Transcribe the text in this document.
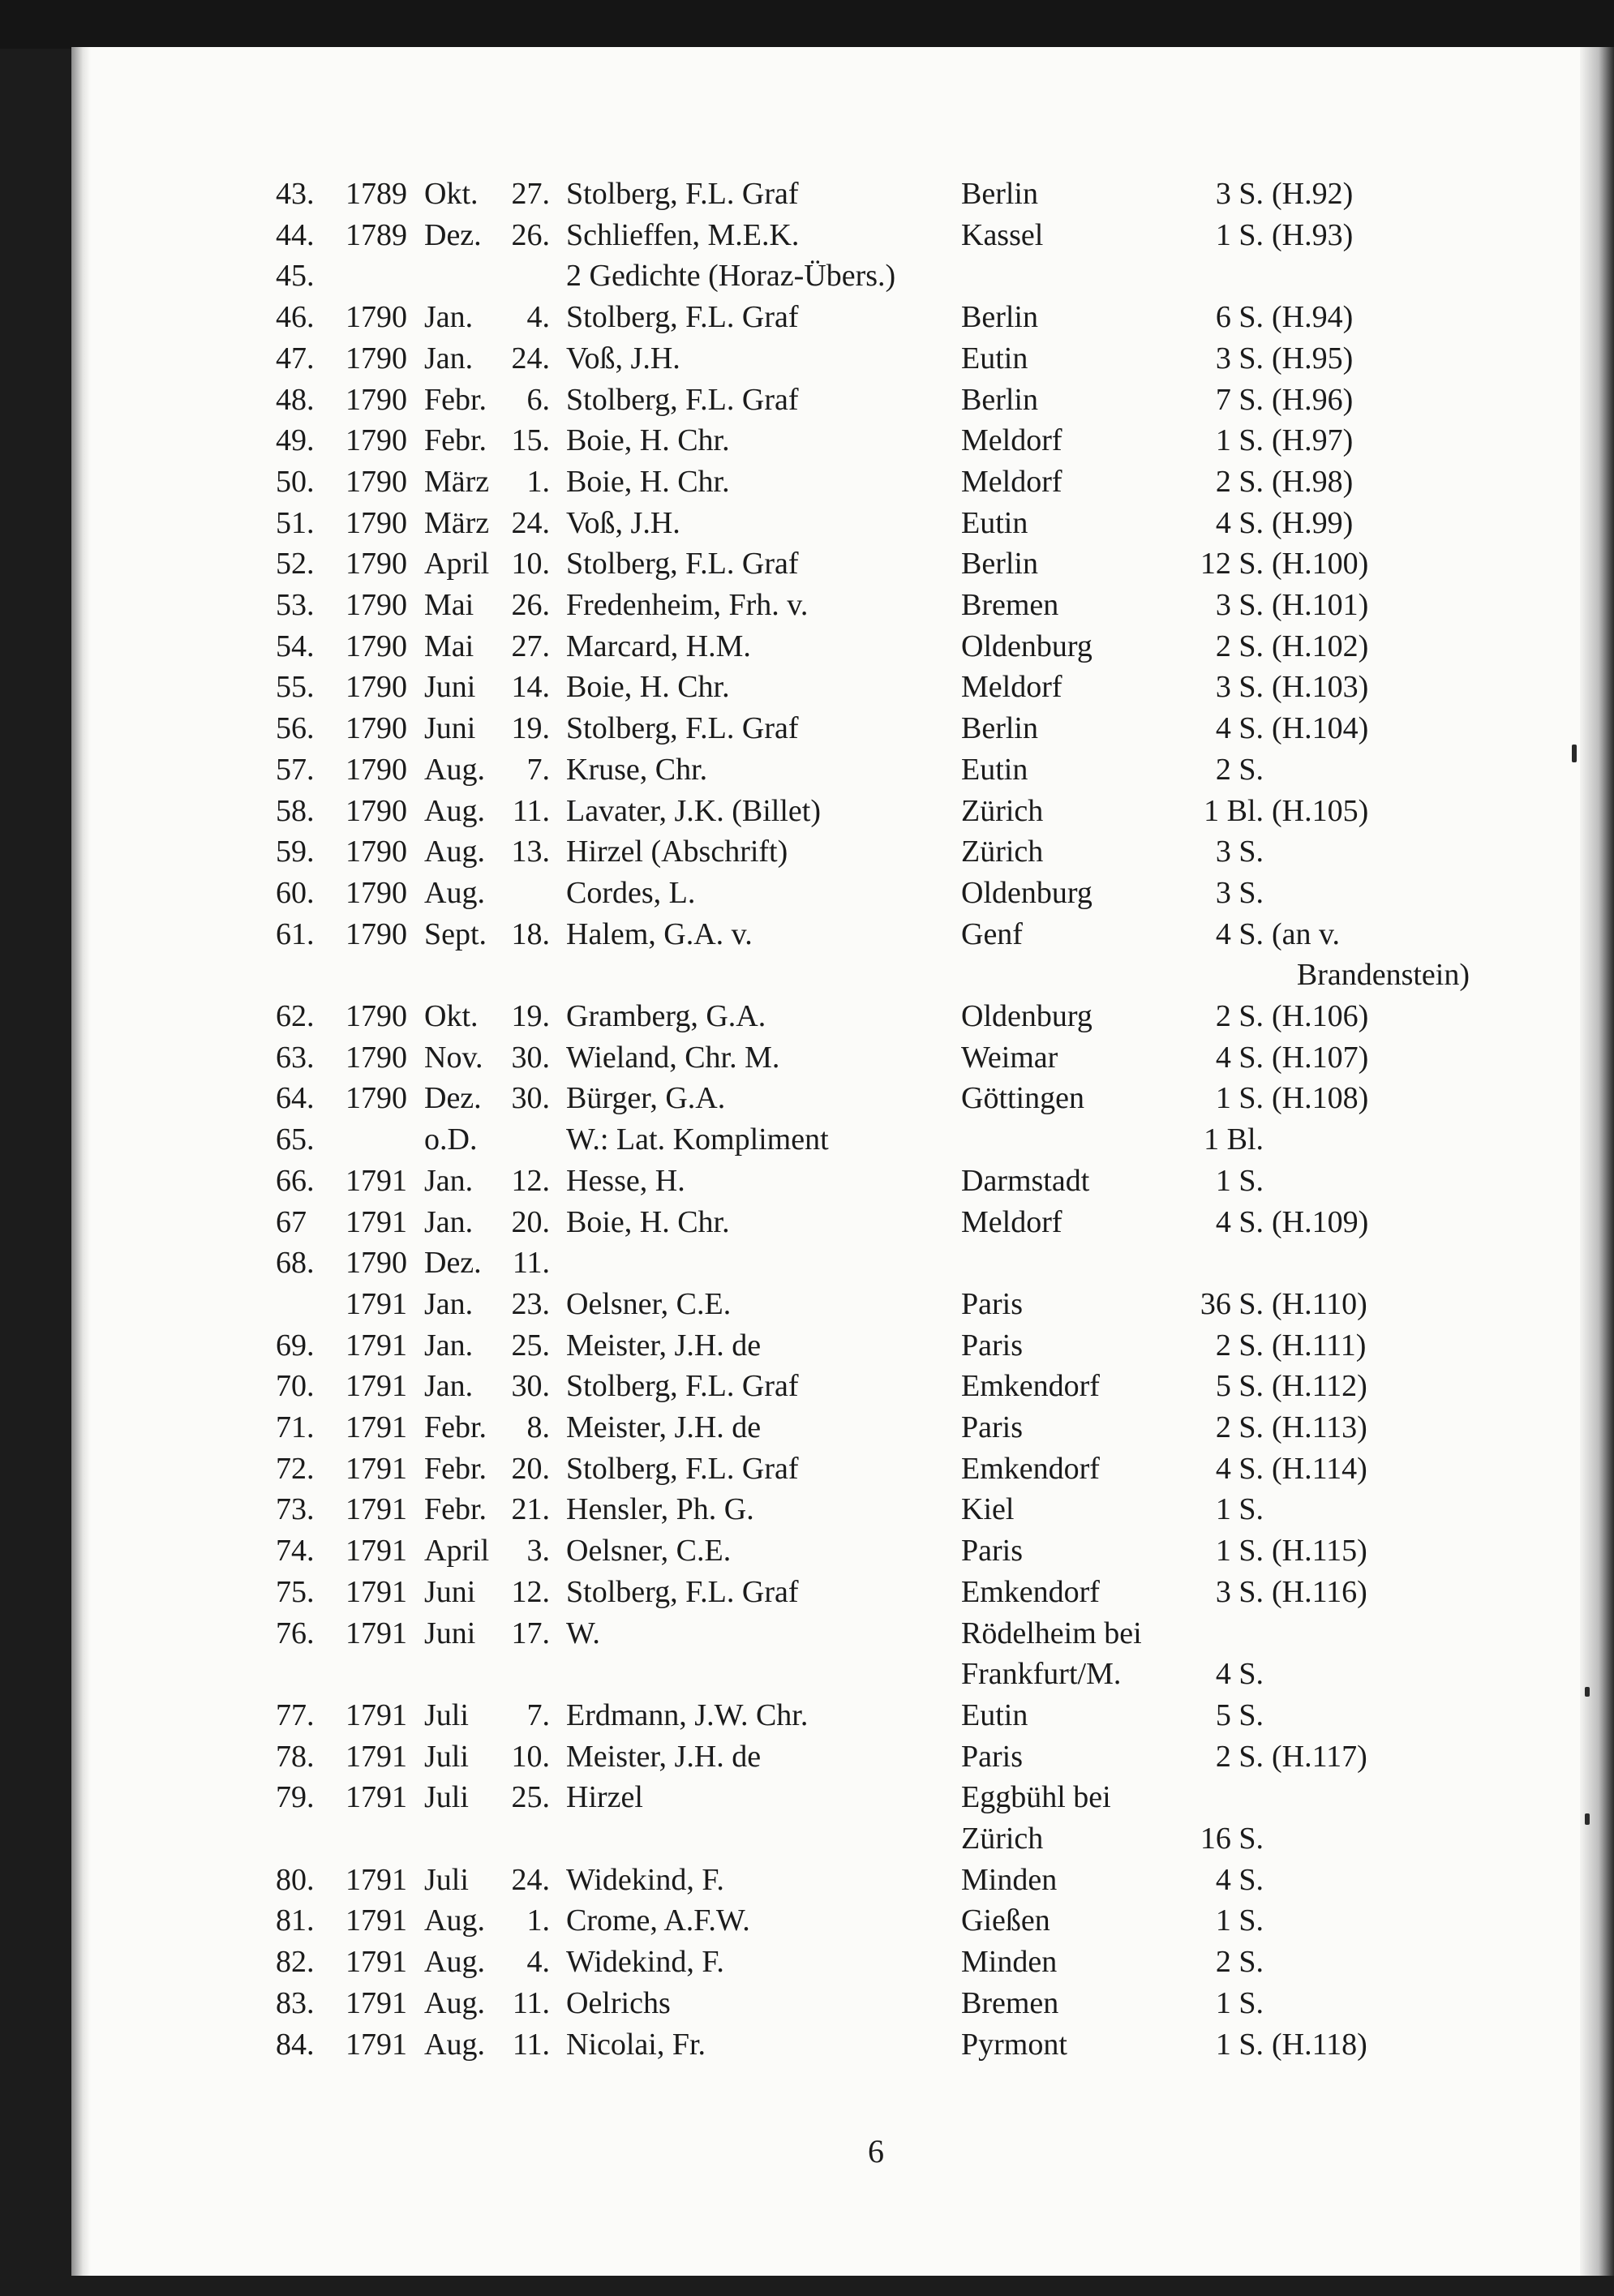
43. 1789 Okt. 27. Stolberg, F.L. Graf	Berlin	3 S. (H.92)
44. 1789 Dez. 26. Schlieffen, M.E.K.	Kassel	1 S. (H.93)
45.	2 Gedichte (Horaz-Übers.)
46. 1790 Jan. 4. Stolberg, F.L. Graf	Berlin	6 S. (H.94)
47. 1790 Jan. 24. Voß, J.H.	Eutin	3 S. (H.95)
48. 1790 Febr. 6. Stolberg, F.L. Graf	Berlin	7 S. (H.96)
49. 1790 Febr. 15. Boie, H. Chr.	Meldorf	1 S. (H.97)
50. 1790 März 1. Boie, H. Chr.	Meldorf	2 S. (H.98)
51. 1790 März 24. Voß, J.H.	Eutin	4 S. (H.99)
52. 1790 April 10. Stolberg, F.L. Graf	Berlin	12 S. (H.100)
53. 1790 Mai 26. Fredenheim, Frh. v.	Bremen	3 S. (H.101)
54. 1790 Mai 27. Marcard, H.M.	Oldenburg	2 S. (H.102)
55. 1790 Juni 14. Boie, H. Chr.	Meldorf	3 S. (H.103)
56. 1790 Juni 19. Stolberg, F.L. Graf	Berlin	4 S. (H.104)
57. 1790 Aug. 7. Kruse, Chr.	Eutin	2 S.
58. 1790 Aug. 11. Lavater, J.K. (Billet)	Zürich	1 Bl. (H.105)
59. 1790 Aug. 13. Hirzel (Abschrift)	Zürich	3 S.
60. 1790 Aug.	Cordes, L.	Oldenburg	3 S.
61. 1790 Sept. 18. Halem, G.A. v.	Genf	4 S. (an v.
Brandenstein)
62. 1790 Okt. 19. Gramberg, G.A.	Oldenburg	2 S. (H.106)
63. 1790 Nov. 30. Wieland, Chr. M.	Weimar	4 S. (H.107)
64. 1790 Dez. 30. Bürger, G.A.	Göttingen	1 S. (H.108)
65.	o.D.	W.: Lat. Kompliment	1 Bl.
66. 1791 Jan. 12. Hesse, H.	Darmstadt	1 S.
67 1791 Jan. 20. Boie, H. Chr.	Meldorf	4 S. (H.109)
68. 1790 Dez. 11.
1791 Jan. 23. Oelsner, C.E.	Paris	36 S. (H.110)
69. 1791 Jan. 25. Meister, J.H. de	Paris	2 S. (H.111)
70. 1791 Jan. 30. Stolberg, F.L. Graf	Emkendorf	5 S. (H.112)
71. 1791 Febr. 8. Meister, J.H. de	Paris	2 S. (H.113)
72. 1791 Febr. 20. Stolberg, F.L. Graf	Emkendorf	4 S. (H.114)
73. 1791 Febr. 21. Hensler, Ph. G.	Kiel	1 S.
74. 1791 April 3. Oelsner, C.E.	Paris	1 S. (H.115)
75. 1791 Juni 12. Stolberg, F.L. Graf	Emkendorf	3 S. (H.116)
76. 1791 Juni 17. W.	Rödelheim bei
Frankfurt/M.	4 S.
77. 1791 Juli 7. Erdmann, J.W. Chr.	Eutin	5 S.
78. 1791 Juli 10. Meister, J.H. de	Paris	2 S. (H.117)
79. 1791 Juli 25. Hirzel	Eggbühl bei
Zürich	16 S.
80. 1791 Juli 24. Widekind, F.	Minden	4 S.
81. 1791 Aug. 1. Crome, A.F.W.	Gießen	1 S.
82. 1791 Aug. 4. Widekind, F.	Minden	2 S.
83. 1791 Aug. 11. Oelrichs	Bremen	1 S.
84. 1791 Aug. 11. Nicolai, Fr.	Pyrmont	1 S. (H.118)
6
